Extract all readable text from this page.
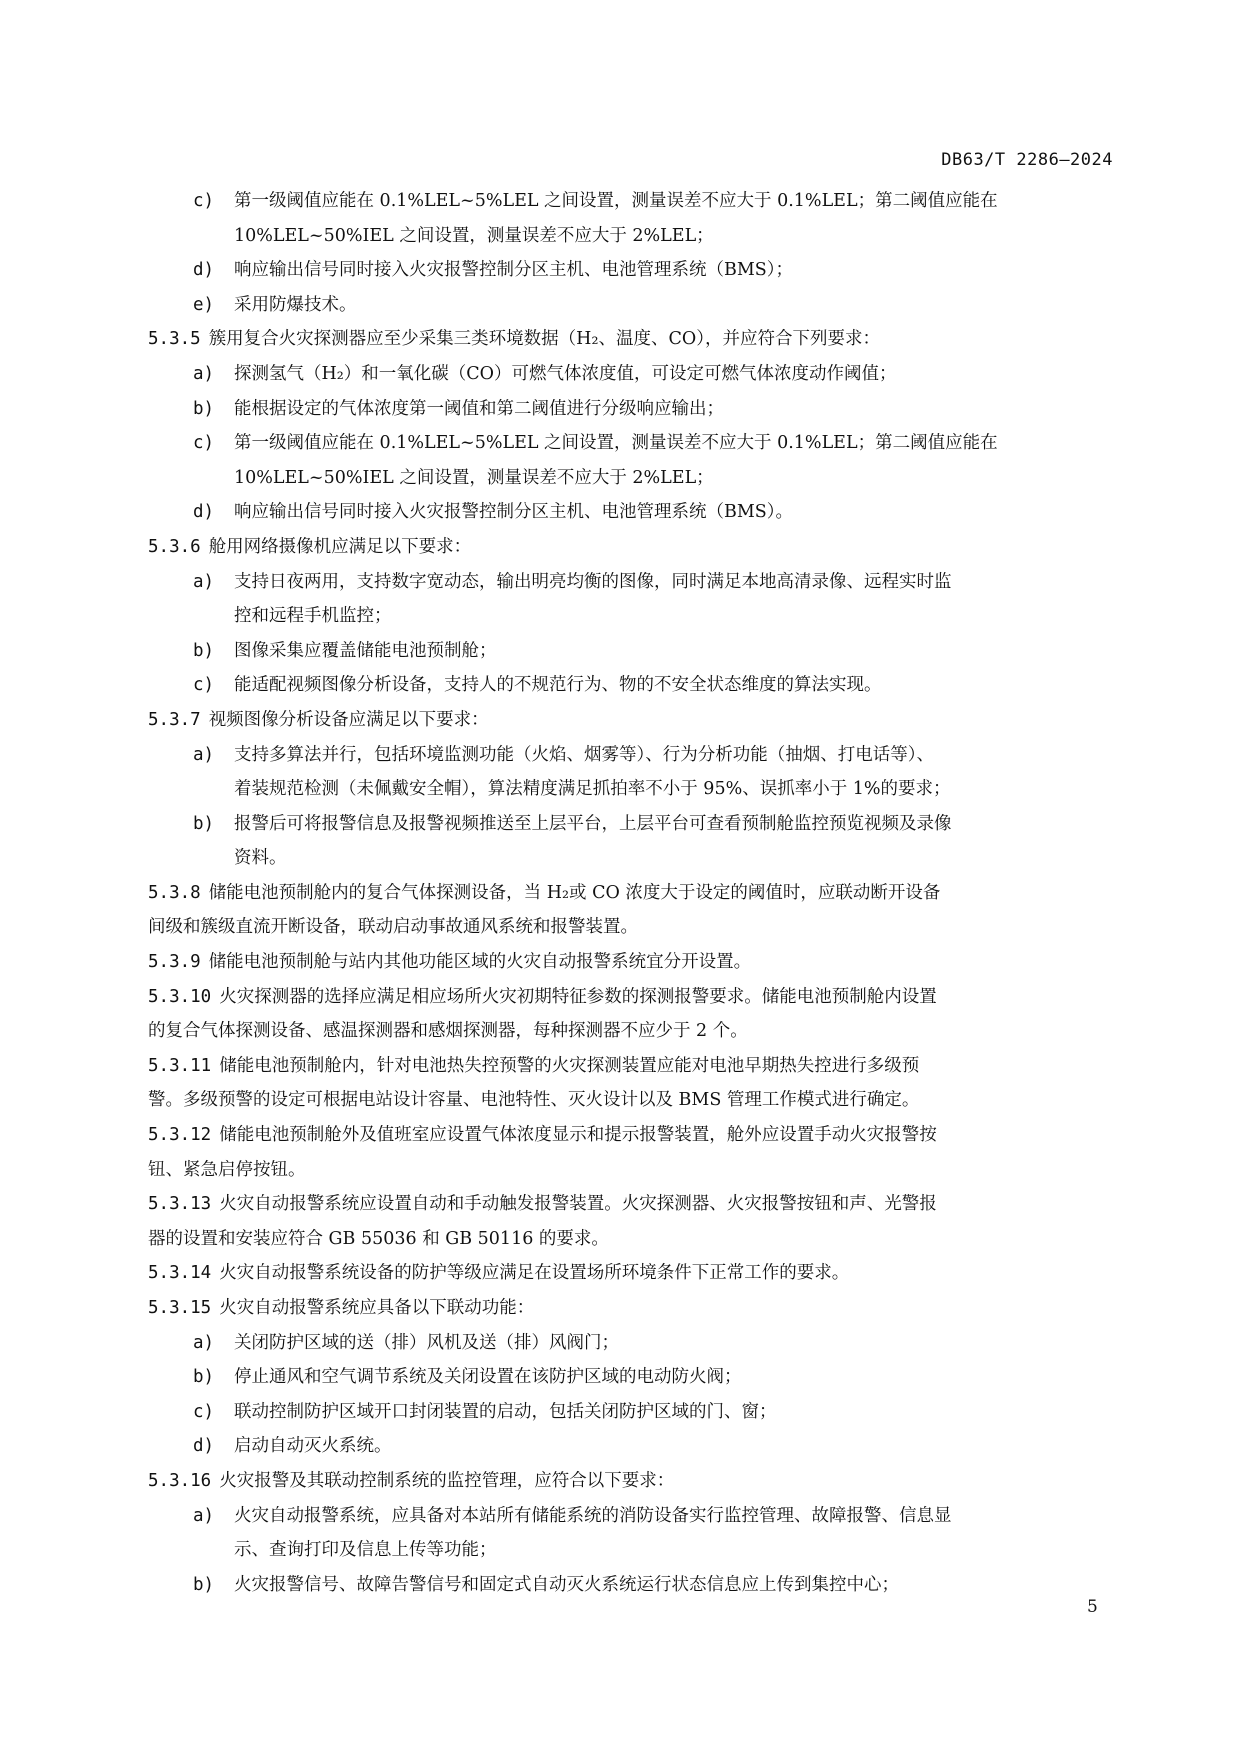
DB63/T 2286—2024
c) 第一级阈值应能在 0.1%LEL~5%LEL 之间设置，测量误差不应大于 0.1%LEL；第二阈值应能在
10%LEL~50%IEL 之间设置，测量误差不应大于 2%LEL；
d) 响应输出信号同时接入火灾报警控制分区主机、电池管理系统（BMS）；
e) 采用防爆技术。
5.3.5 簇用复合火灾探测器应至少采集三类环境数据（H₂、温度、CO），并应符合下列要求：
a) 探测氢气（H₂）和一氧化碳（CO）可燃气体浓度值，可设定可燃气体浓度动作阈值；
b) 能根据设定的气体浓度第一阈值和第二阈值进行分级响应输出；
c) 第一级阈值应能在 0.1%LEL~5%LEL 之间设置，测量误差不应大于 0.1%LEL；第二阈值应能在
10%LEL~50%IEL 之间设置，测量误差不应大于 2%LEL；
d) 响应输出信号同时接入火灾报警控制分区主机、电池管理系统（BMS）。
5.3.6 舱用网络摄像机应满足以下要求：
a) 支持日夜两用，支持数字宽动态，输出明亮均衡的图像，同时满足本地高清录像、远程实时监
控和远程手机监控；
b) 图像采集应覆盖储能电池预制舱；
c) 能适配视频图像分析设备，支持人的不规范行为、物的不安全状态维度的算法实现。
5.3.7 视频图像分析设备应满足以下要求：
a) 支持多算法并行，包括环境监测功能（火焰、烟雾等）、行为分析功能（抽烟、打电话等）、
着装规范检测（未佩戴安全帽），算法精度满足抓拍率不小于 95%、误抓率小于 1%的要求；
b) 报警后可将报警信息及报警视频推送至上层平台，上层平台可查看预制舱监控预览视频及录像
资料。
5.3.8 储能电池预制舱内的复合气体探测设备，当 H₂或 CO 浓度大于设定的阈值时，应联动断开设备
间级和簇级直流开断设备，联动启动事故通风系统和报警装置。
5.3.9 储能电池预制舱与站内其他功能区域的火灾自动报警系统宜分开设置。
5.3.10 火灾探测器的选择应满足相应场所火灾初期特征参数的探测报警要求。储能电池预制舱内设置
的复合气体探测设备、感温探测器和感烟探测器，每种探测器不应少于 2 个。
5.3.11 储能电池预制舱内，针对电池热失控预警的火灾探测装置应能对电池早期热失控进行多级预
警。多级预警的设定可根据电站设计容量、电池特性、灭火设计以及 BMS 管理工作模式进行确定。
5.3.12 储能电池预制舱外及值班室应设置气体浓度显示和提示报警装置，舱外应设置手动火灾报警按
钮、紧急启停按钮。
5.3.13 火灾自动报警系统应设置自动和手动触发报警装置。火灾探测器、火灾报警按钮和声、光警报
器的设置和安装应符合 GB 55036 和 GB 50116 的要求。
5.3.14 火灾自动报警系统设备的防护等级应满足在设置场所环境条件下正常工作的要求。
5.3.15 火灾自动报警系统应具备以下联动功能：
a) 关闭防护区域的送（排）风机及送（排）风阀门；
b) 停止通风和空气调节系统及关闭设置在该防护区域的电动防火阀；
c) 联动控制防护区域开口封闭装置的启动，包括关闭防护区域的门、窗；
d) 启动自动灭火系统。
5.3.16 火灾报警及其联动控制系统的监控管理，应符合以下要求：
a) 火灾自动报警系统，应具备对本站所有储能系统的消防设备实行监控管理、故障报警、信息显
示、查询打印及信息上传等功能；
b) 火灾报警信号、故障告警信号和固定式自动灭火系统运行状态信息应上传到集控中心；
5
